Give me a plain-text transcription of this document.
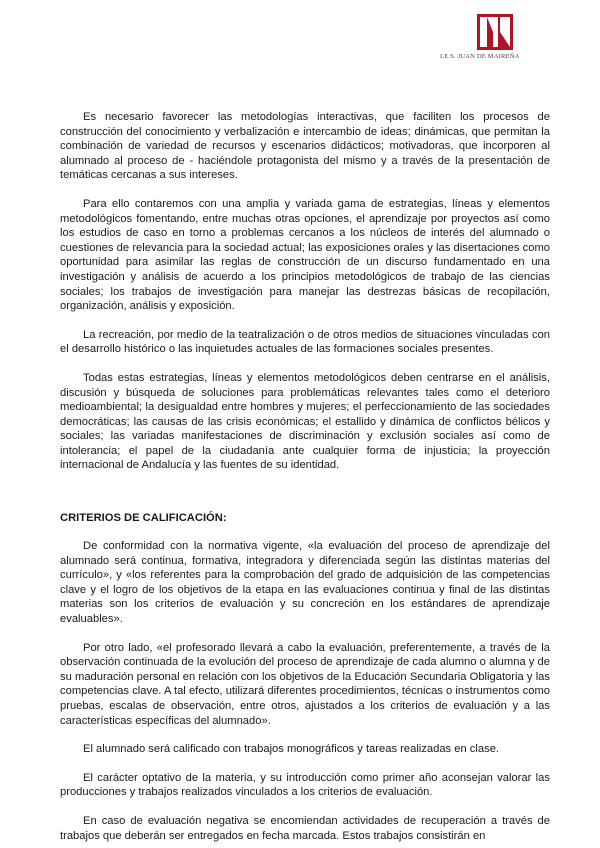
I.E.S. JUAN DE MAIREÑA

Es necesario favorecer las metodologías interactivas, que faciliten los procesos de construcción del conocimiento y verbalización e intercambio de ideas; dinámicas, que permitan la combinación de variedad de recursos y escenarios didácticos; motivadoras, que incorporen al alumnado al proceso de - haciéndole protagonista del mismo y a través de la presentación de temáticas cercanas a sus intereses.

Para ello contaremos con una amplia y variada gama de estrategias, líneas y elementos metodológicos fomentando, entre muchas otras opciones, el aprendizaje por proyectos así como los estudios de caso en torno a problemas cercanos a los núcleos de interés del alumnado o cuestiones de relevancia para la sociedad actual; las exposiciones orales y las disertaciones como oportunidad para asimilar las reglas de construcción de un discurso fundamentado en una investigación y análisis de acuerdo a los principios metodológicos de trabajo de las ciencias sociales; los trabajos de investigación para manejar las destrezas básicas de recopilación, organización, análisis y exposición.

La recreación, por medio de la teatralización o de otros medios de situaciones vinculadas con el desarrollo histórico o las inquietudes actuales de las formaciones sociales presentes.

Todas estas estrategias, líneas y elementos metodológicos deben centrarse en el análisis, discusión y búsqueda de soluciones para problemáticas relevantes tales como el deterioro medioambiental; la desigualdad entre hombres y mujeres; el perfeccionamiento de las sociedades democráticas; las causas de las crisis económicas; el estallido y dinámica de conflictos bélicos y sociales; las variadas manifestaciones de discriminación y exclusión sociales así como de intolerancia; el papel de la ciudadanía ante cualquier forma de injusticia; la proyección internacional de Andalucía y las fuentes de su identidad.

CRITERIOS DE CALIFICACIÓN:

De conformidad con la normativa vigente, «la evaluación del proceso de aprendizaje del alumnado será continua, formativa, integradora y diferenciada según las distintas materias del currículo», y «los referentes para la comprobación del grado de adquisición de las competencias clave y el logro de los objetivos de la etapa en las evaluaciones continua y final de las distintas materias son los criterios de evaluación y su concreción en los estándares de aprendizaje evaluables».

Por otro lado, «el profesorado llevará a cabo la evaluación, preferentemente, a través de la observación continuada de la evolución del proceso de aprendizaje de cada alumno o alumna y de su maduración personal en relación con los objetivos de la Educación Secundaria Obligatoria y las competencias clave. A tal efecto, utilizará diferentes procedimientos, técnicas o instrumentos como pruebas, escalas de observación, entre otros, ajustados a los criterios de evaluación y a las características específicas del alumnado».

El alumnado será calificado con trabajos monográficos y tareas realizadas en clase.

El carácter optativo de la materia, y su introducción como primer año aconsejan valorar las producciones y trabajos realizados vinculados a los criterios de evaluación.

En caso de evaluación negativa se encomiendan actividades de recuperación a través de trabajos que deberán ser entregados en fecha marcada. Estos trabajos consistirán en
